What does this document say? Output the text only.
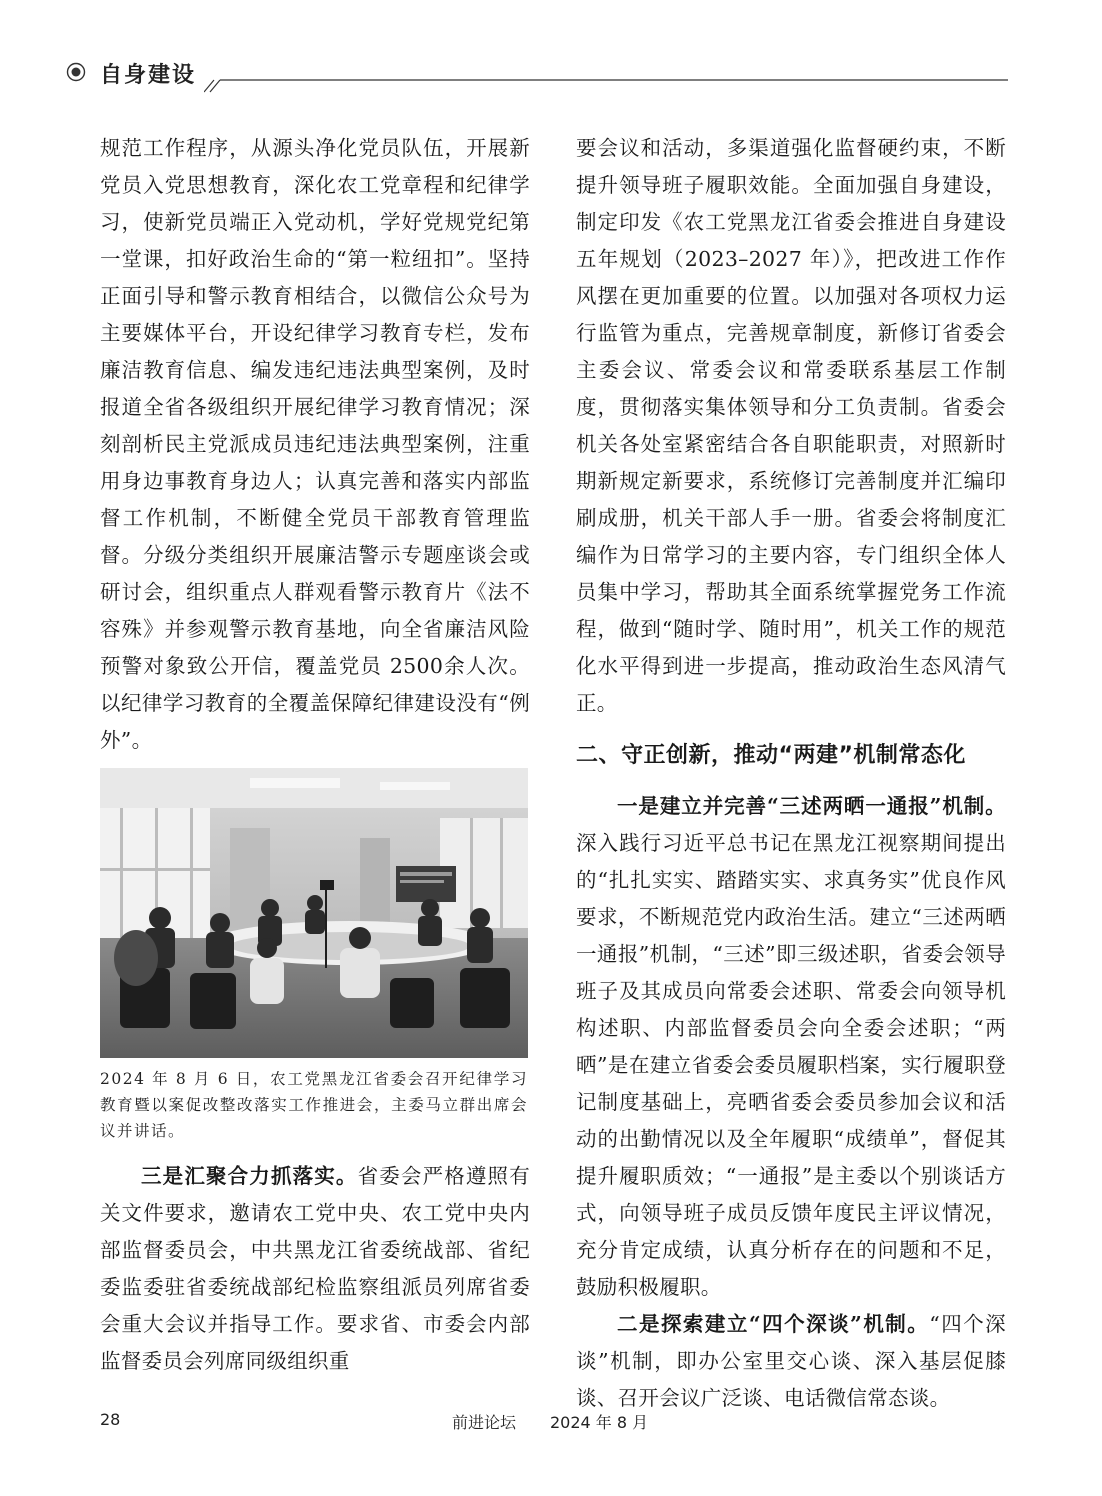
自身建设

规范工作程序，从源头净化党员队伍，开展新党员入党思想教育，深化农工党章程和纪律学习，使新党员端正入党动机，学好党规党纪第一堂课，扣好政治生命的“第一粒纽扣”。坚持正面引导和警示教育相结合，以微信公众号为主要媒体平台，开设纪律学习教育专栏，发布廉洁教育信息、编发违纪违法典型案例，及时报道全省各级组织开展纪律学习教育情况；深刻剖析民主党派成员违纪违法典型案例，注重用身边事教育身边人；认真完善和落实内部监督工作机制，不断健全党员干部教育管理监督。分级分类组织开展廉洁警示专题座谈会或研讨会，组织重点人群观看警示教育片《法不容殊》并参观警示教育基地，向全省廉洁风险预警对象致公开信，覆盖党员 2500余人次。以纪律学习教育的全覆盖保障纪律建设没有“例外”。

2024 年 8 月 6 日，农工党黑龙江省委会召开纪律学习教育暨以案促改整改落实工作推进会，主委马立群出席会议并讲话。

三是汇聚合力抓落实。省委会严格遵照有关文件要求，邀请农工党中央、农工党中央内部监督委员会，中共黑龙江省委统战部、省纪委监委驻省委统战部纪检监察组派员列席省委会重大会议并指导工作。要求省、市委会内部监督委员会列席同级组织重

要会议和活动，多渠道强化监督硬约束，不断提升领导班子履职效能。全面加强自身建设，制定印发《农工党黑龙江省委会推进自身建设五年规划（2023–2027 年）》，把改进工作作风摆在更加重要的位置。以加强对各项权力运行监管为重点，完善规章制度，新修订省委会主委会议、常委会议和常委联系基层工作制度，贯彻落实集体领导和分工负责制。省委会机关各处室紧密结合各自职能职责，对照新时期新规定新要求，系统修订完善制度并汇编印刷成册，机关干部人手一册。省委会将制度汇编作为日常学习的主要内容，专门组织全体人员集中学习，帮助其全面系统掌握党务工作流程，做到“随时学、随时用”，机关工作的规范化水平得到进一步提高，推动政治生态风清气正。

二、守正创新，推动“两建”机制常态化

一是建立并完善“三述两晒一通报”机制。深入践行习近平总书记在黑龙江视察期间提出的“扎扎实实、踏踏实实、求真务实”优良作风要求，不断规范党内政治生活。建立“三述两晒一通报”机制，“三述”即三级述职，省委会领导班子及其成员向常委会述职、常委会向领导机构述职、内部监督委员会向全委会述职；“两晒”是在建立省委会委员履职档案，实行履职登记制度基础上，亮晒省委会委员参加会议和活动的出勤情况以及全年履职“成绩单”，督促其提升履职质效；“一通报”是主委以个别谈话方式，向领导班子成员反馈年度民主评议情况，充分肯定成绩，认真分析存在的问题和不足，鼓励积极履职。

二是探索建立“四个深谈”机制。“四个深谈”机制，即办公室里交心谈、深入基层促膝谈、召开会议广泛谈、电话微信常态谈。

28	前进论坛 2024 年 8 月
